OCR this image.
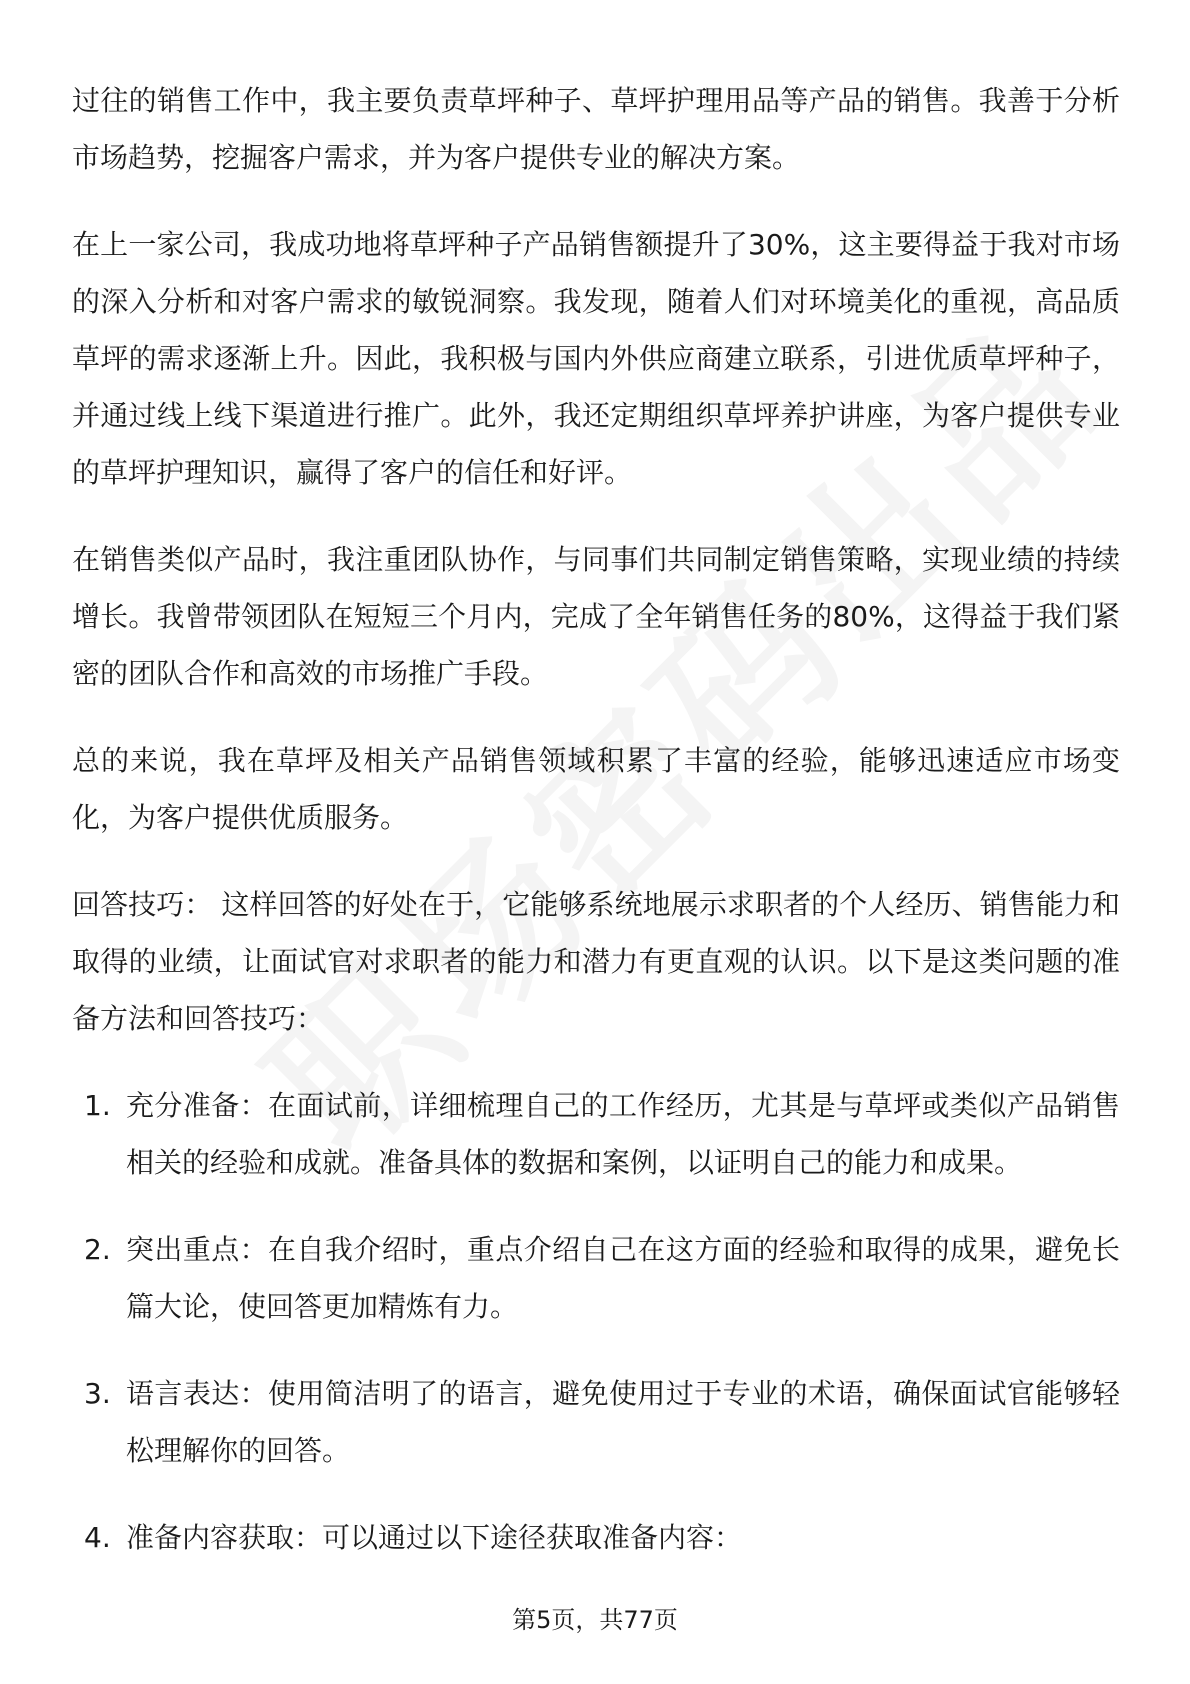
过往的销售工作中，我主要负责草坪种子、草坪护理用品等产品的销售。我善于分析市场趋势，挖掘客户需求，并为客户提供专业的解决方案。

在上一家公司，我成功地将草坪种子产品销售额提升了30%，这主要得益于我对市场的深入分析和对客户需求的敏锐洞察。我发现，随着人们对环境美化的重视，高品质草坪的需求逐渐上升。因此，我积极与国内外供应商建立联系，引进优质草坪种子，并通过线上线下渠道进行推广。此外，我还定期组织草坪养护讲座，为客户提供专业的草坪护理知识，赢得了客户的信任和好评。

在销售类似产品时，我注重团队协作，与同事们共同制定销售策略，实现业绩的持续增长。我曾带领团队在短短三个月内，完成了全年销售任务的80%，这得益于我们紧密的团队合作和高效的市场推广手段。

总的来说，我在草坪及相关产品销售领域积累了丰富的经验，能够迅速适应市场变化，为客户提供优质服务。

回答技巧： 这样回答的好处在于，它能够系统地展示求职者的个人经历、销售能力和取得的业绩，让面试官对求职者的能力和潜力有更直观的认识。以下是这类问题的准备方法和回答技巧：

1. 充分准备：在面试前，详细梳理自己的工作经历，尤其是与草坪或类似产品销售相关的经验和成就。准备具体的数据和案例，以证明自己的能力和成果。
2. 突出重点：在自我介绍时，重点介绍自己在这方面的经验和取得的成果，避免长篇大论，使回答更加精炼有力。
3. 语言表达：使用简洁明了的语言，避免使用过于专业的术语，确保面试官能够轻松理解你的回答。
4. 准备内容获取：可以通过以下途径获取准备内容：
第5页，共77页
